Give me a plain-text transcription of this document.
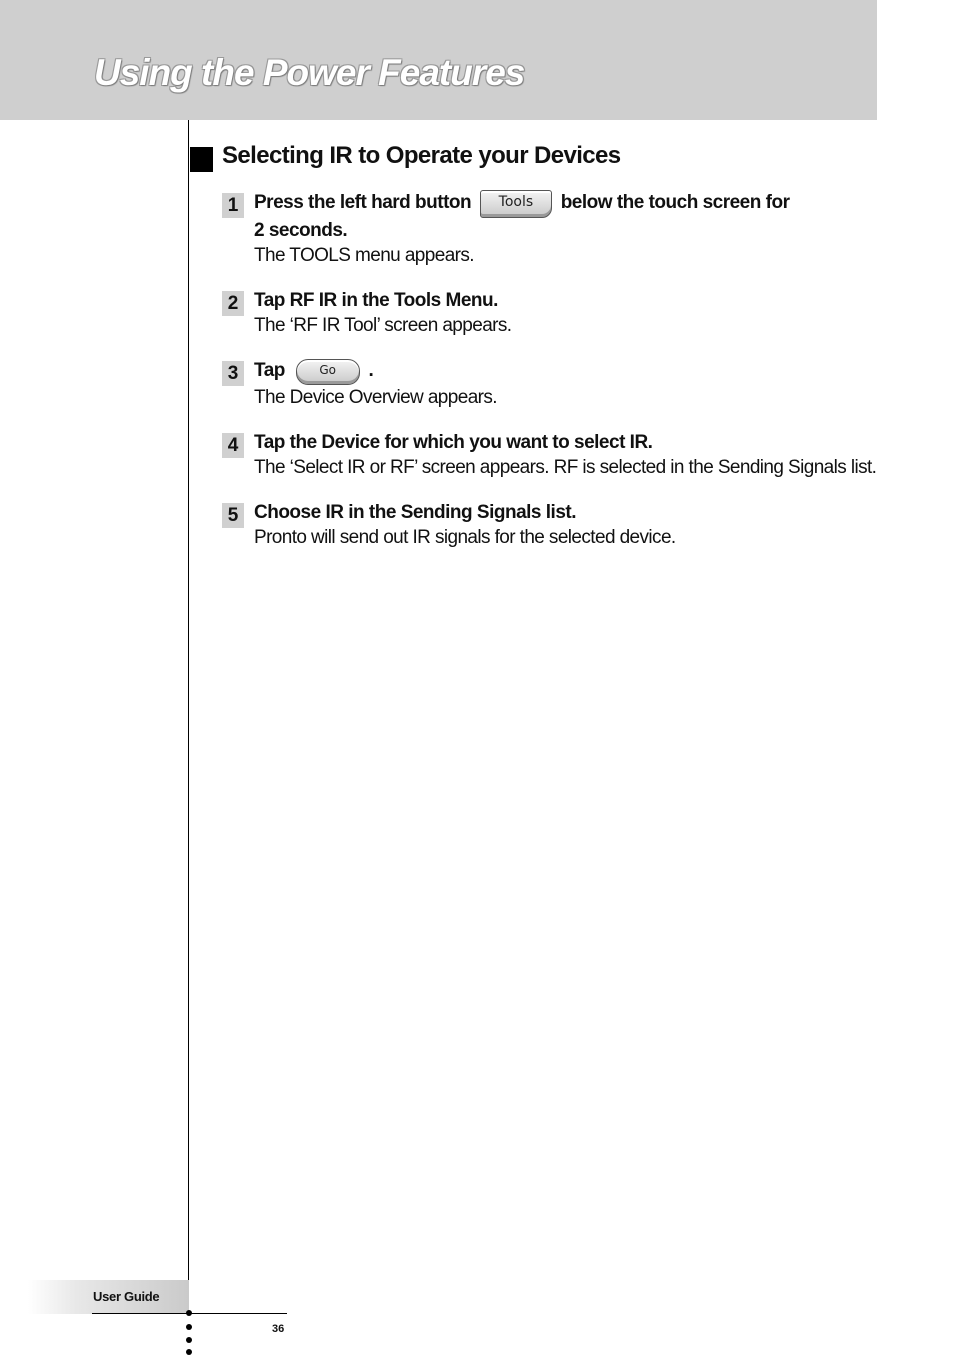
Using the Power Features
Selecting IR to Operate your Devices
1 Press the left hard button Tools below the touch screen for
2 seconds.
The TOOLS menu appears.
2 Tap RF IR in the Tools Menu.
The ‘RF IR Tool’ screen appears.
3 Tap	Go .
The Device Overview appears.
4 Tap the Device for which you want to select IR.
The ‘Select IR or RF’ screen appears. RF is selected in the Sending Signals list.
5 Choose IR in the Sending Signals list.
Pronto will send out IR signals for the selected device.
User Guide
36
